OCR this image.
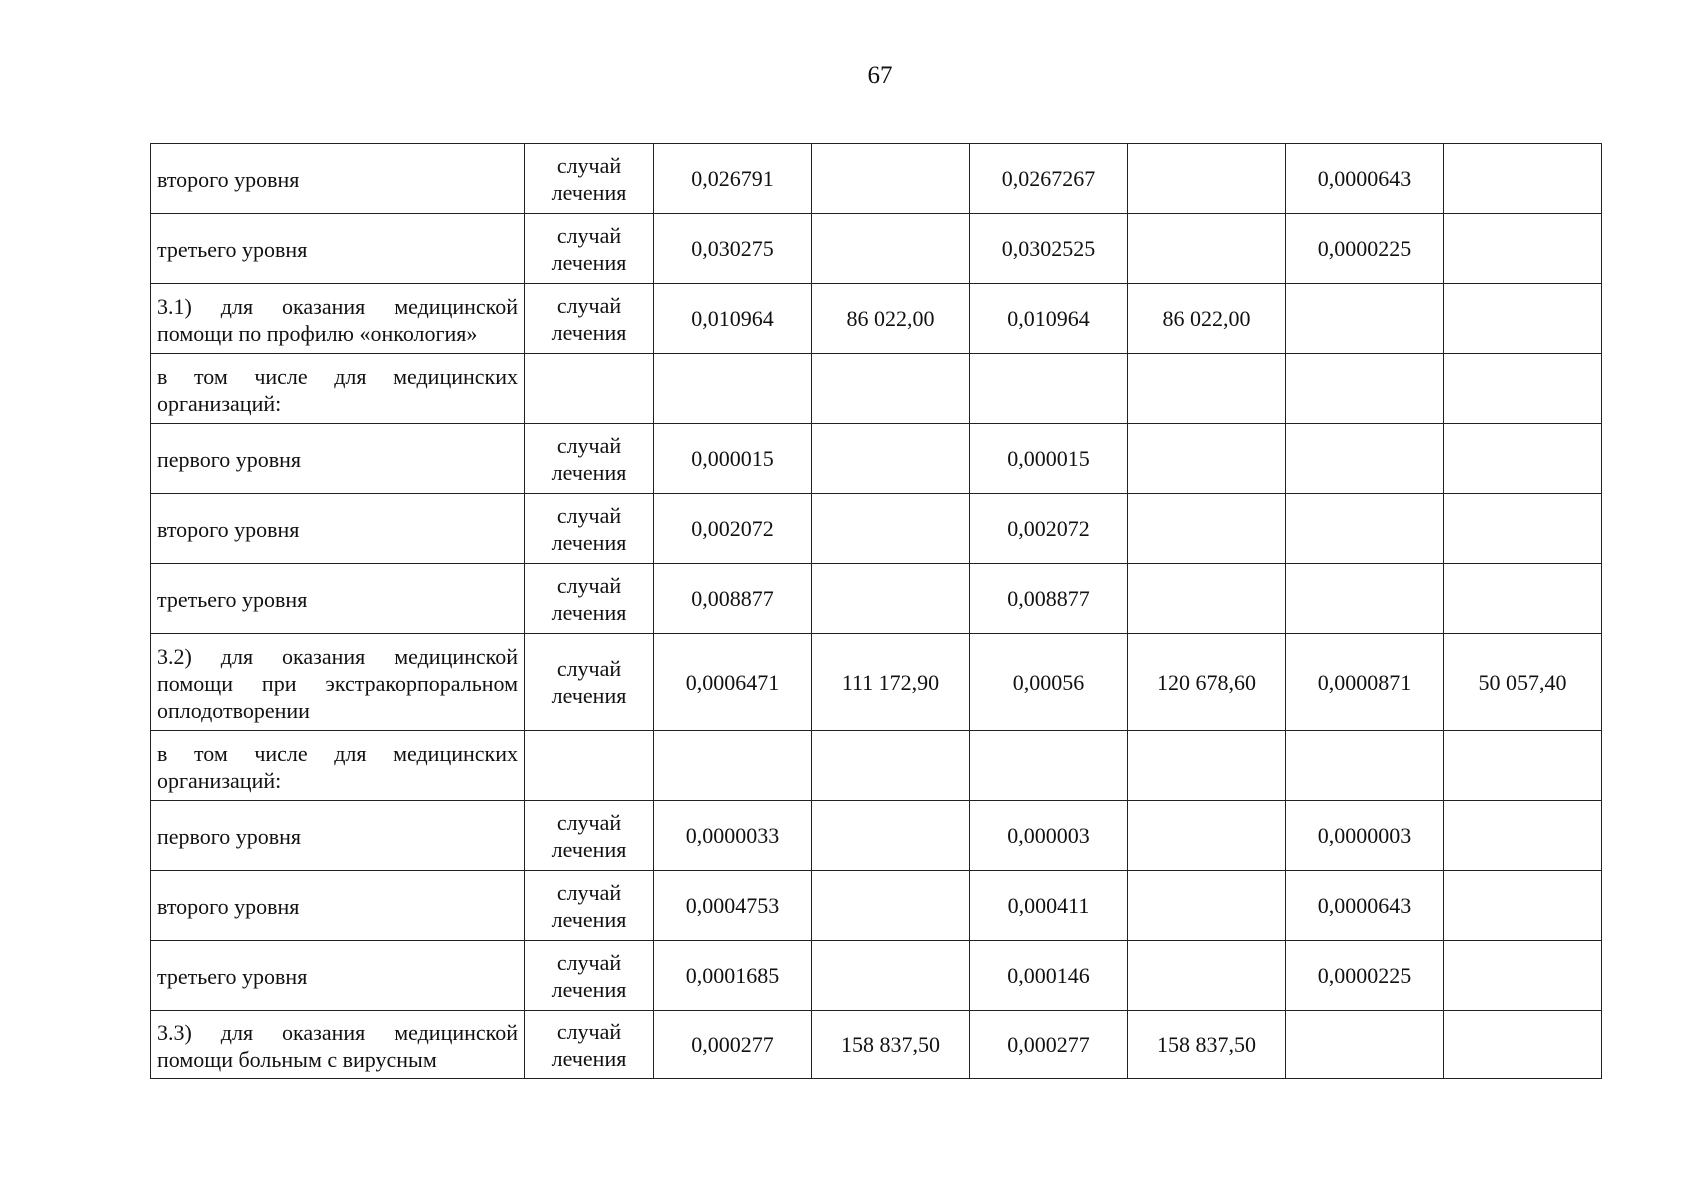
67
второго уровня	случай лечения	0,026791		0,0267267		0,0000643	
третьего уровня	случай лечения	0,030275		0,0302525		0,0000225	
3.1) для оказания медицинской помощи по профилю «онкология»	случай лечения	0,010964	86 022,00	0,010964	86 022,00		
в том числе для медицинских организаций:							
первого уровня	случай лечения	0,000015		0,000015			
второго уровня	случай лечения	0,002072		0,002072			
третьего уровня	случай лечения	0,008877		0,008877			
3.2) для оказания медицинской помощи при экстракорпоральном оплодотворении	случай лечения	0,0006471	111 172,90	0,00056	120 678,60	0,0000871	50 057,40
в том числе для медицинских организаций:							
первого уровня	случай лечения	0,0000033		0,000003		0,0000003	
второго уровня	случай лечения	0,0004753		0,000411		0,0000643	
третьего уровня	случай лечения	0,0001685		0,000146		0,0000225	
3.3) для оказания медицинской помощи больным с вирусным	случай лечения	0,000277	158 837,50	0,000277	158 837,50		
